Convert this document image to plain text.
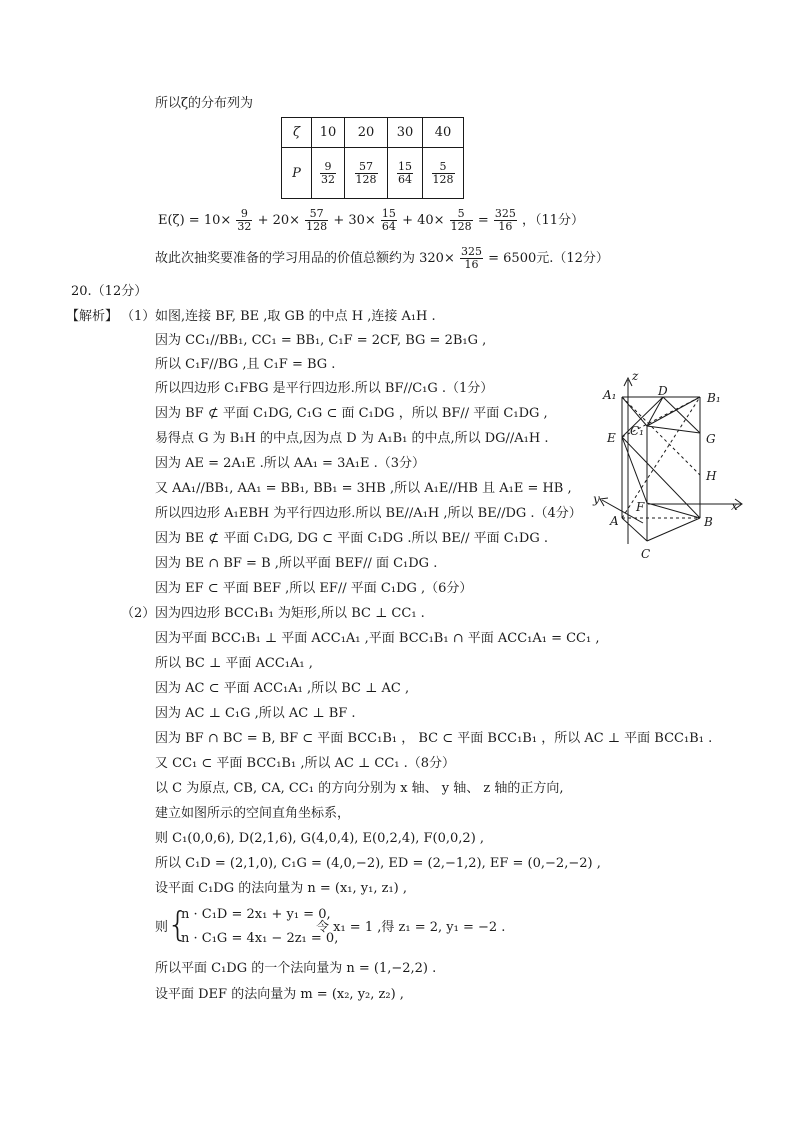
所以ζ的分布列为
ζ	10	20	30	40
P	$\frac{9}{32}$	$\frac{57}{128}$	$\frac{15}{64}$	$\frac{5}{128}$
$E(\zeta) = 10\times \frac{9}{32} + 20\times \frac{57}{128} + 30\times \frac{15}{64} + 40\times \frac{5}{128} = \frac{325}{16}$ ，（11分）
故此次抽奖要准备的学习用品的价值总额约为 $320\times \frac{325}{16} = 6500$元.（12分）
20.（12分）
【解析】 （1） 如图,连接 BF, BE ,取 GB 的中点 H ,连接 A₁H .
因为 CC₁//BB₁, CC₁ = BB₁, C₁F = 2CF, BG = 2B₁G ,
所以 C₁F//BG ,且 C₁F = BG .
所以四边形 C₁FBG 是平行四边形.所以 BF//C₁G .（1分）
因为 BF ⊄ 平面 C₁DG, C₁G ⊂ 面 C₁DG ，所以 BF// 平面 C₁DG ,
易得点 G 为 B₁H 的中点,因为点 D 为 A₁B₁ 的中点,所以 DG//A₁H .
因为 AE = 2A₁E .所以 AA₁ = 3A₁E .（3分）
又 AA₁//BB₁, AA₁ = BB₁, BB₁ = 3HB ,所以 A₁E//HB 且 A₁E = HB ,
所以四边形 A₁EBH 为平行四边形.所以 BE//A₁H ,所以 BE//DG .（4分）
因为 BE ⊄ 平面 C₁DG, DG ⊂ 平面 C₁DG .所以 BE// 平面 C₁DG .
因为 BE ∩ BF = B ,所以平面 BEF// 面 C₁DG .
因为 EF ⊂ 平面 BEF ,所以 EF// 平面 C₁DG ,（6分）
（2） 因为四边形 BCC₁B₁ 为矩形,所以 BC ⊥ CC₁ .
因为平面 BCC₁B₁ ⊥ 平面 ACC₁A₁ ,平面 BCC₁B₁ ∩ 平面 ACC₁A₁ = CC₁ ,
所以 BC ⊥ 平面 ACC₁A₁ ,
因为 AC ⊂ 平面 ACC₁A₁ ,所以 BC ⊥ AC ,
因为 AC ⊥ C₁G ,所以 AC ⊥ BF .
因为 BF ∩ BC = B, BF ⊂ 平面 BCC₁B₁ ， BC ⊂ 平面 BCC₁B₁ ，所以 AC ⊥ 平面 BCC₁B₁ .
又 CC₁ ⊂ 平面 BCC₁B₁ ,所以 AC ⊥ CC₁ .（8分）
以 C 为原点, CB, CA, CC₁ 的方向分别为 x 轴、 y 轴、 z 轴的正方向,
建立如图所示的空间直角坐标系，
则 C₁(0,0,6), D(2,1,6), G(4,0,4), E(0,2,4), F(0,0,2) ,
所以 C₁D = (2,1,0), C₁G = (4,0,−2), ED = (2,−1,2), EF = (0,−2,−2) ,
设平面 C₁DG 的法向量为 n = (x₁, y₁, z₁) ,
则
{
n · C₁D = 2x₁ + y₁ = 0,
n · C₁G = 4x₁ − 2z₁ = 0,
令 x₁ = 1 ,得 z₁ = 2, y₁ = −2 .
所以平面 C₁DG 的一个法向量为 n = (1,−2,2) .
设平面 DEF 的法向量为 m = (x₂, y₂, z₂) ,
z
y	x
A₁	B₁
D
C₁
E	G
H
F
A	B
C
